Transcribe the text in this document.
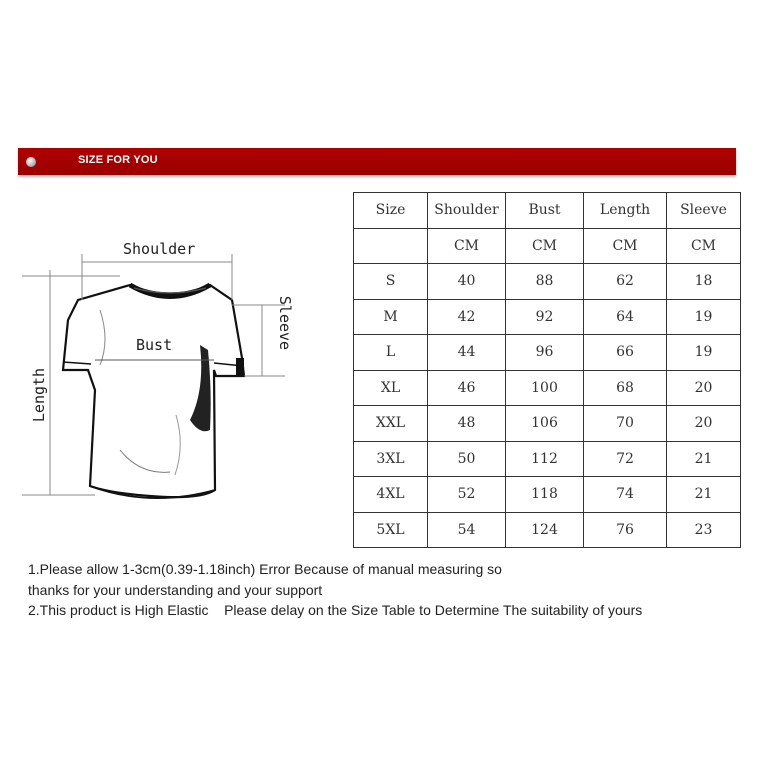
SIZE FOR YOU
Shoulder
Bust	Sleeve
Length
Size	Shoulder	Bust	Length	Sleeve
	CM	CM	CM	CM
S	40	88	62	18
M	42	92	64	19
L	44	96	66	19
XL	46	100	68	20
XXL	48	106	70	20
3XL	50	112	72	21
4XL	52	118	74	21
5XL	54	124	76	23

1.Please allow 1-3cm(0.39-1.18inch) Error Because of manual measuring so

thanks for your understanding and your support

2.This product is High Elastic    Please delay on the Size Table to Determine The suitability of yours
